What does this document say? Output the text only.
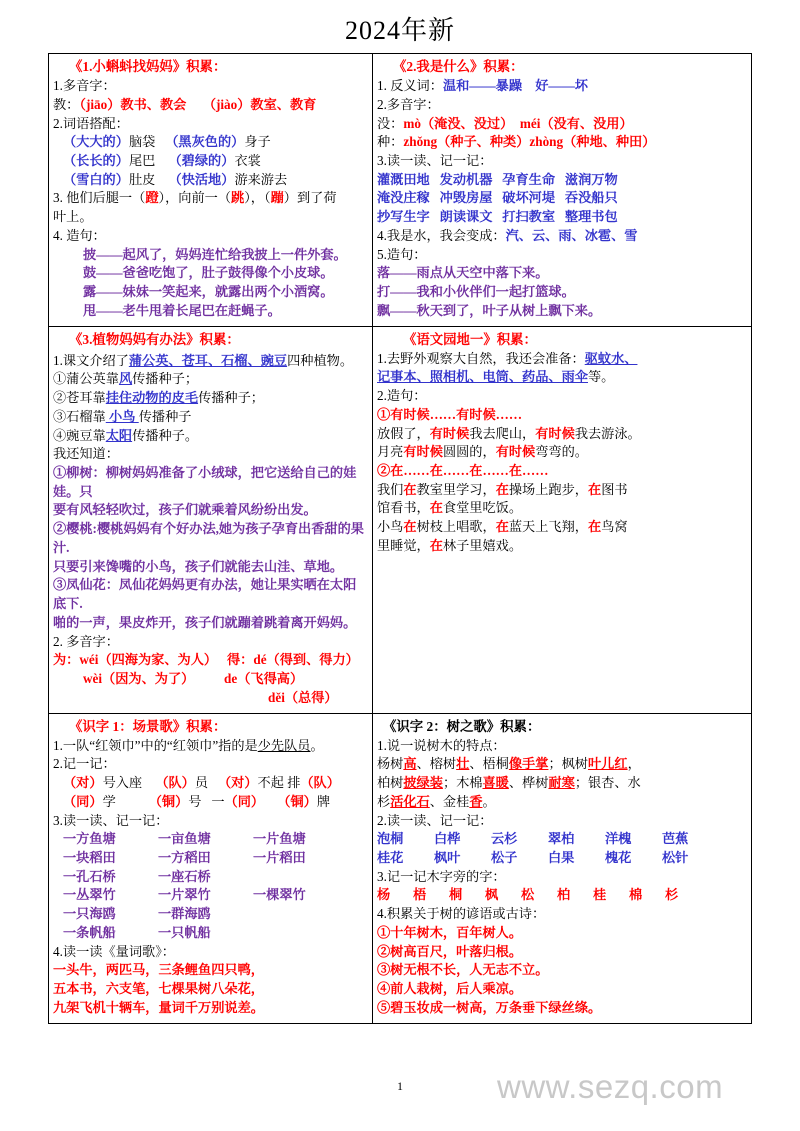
2024年新
《1.小蝌蚪找妈妈》积累：
1.多音字：
教：（jiāo）教书、教会     （jiào）教室、教育
2.词语搭配：
（大大的）脑袋 （黑灰色的）身子
（长长的）尾巴 （碧绿的）衣裳
（雪白的）肚皮 （快活地）游来游去
3. 他们后腿一（蹬），向前一（跳），（蹦）到了荷
叶上。
4. 造句：
披——起风了，妈妈连忙给我披上一件外套。
鼓——爸爸吃饱了，肚子鼓得像个小皮球。
露——妹妹一笑起来，就露出两个小酒窝。
甩——老牛甩着长尾巴在赶蝇子。

《2.我是什么》积累：
1. 反义词：温和——暴躁    好——坏
2.多音字：
没：mò（淹没、没过）  méi（没有、没用）
种：zhǒng（种子、种类）zhòng（种地、种田）
3.读一读、记一记：
灌溉田地   发动机器   孕育生命   滋润万物
淹没庄稼   冲毁房屋   破坏河堤   吞没船只
抄写生字   朗读课文   打扫教室   整理书包
4.我是水，我会变成：汽、云、雨、冰雹、雪
5.造句：
落——雨点从天空中落下来。
打——我和小伙伴们一起打篮球。
飘——秋天到了，叶子从树上飘下来。

《3.植物妈妈有办法》积累：
1.课文介绍了蒲公英、苍耳、石榴、豌豆四种植物。
①蒲公英靠风传播种子；
②苍耳靠挂住动物的皮毛传播种子；
③石榴靠 小鸟 传播种子
④豌豆靠太阳传播种子。
我还知道：
①柳树：柳树妈妈准备了小绒球，把它送给自己的娃娃。只
要有风轻轻吹过，孩子们就乘着风纷纷出发。
②樱桃:樱桃妈妈有个好办法,她为孩子孕育出香甜的果汁.
只要引来馋嘴的小鸟，孩子们就能去山洼、草地。
③凤仙花：凤仙花妈妈更有办法，她让果实晒在太阳底下.
啪的一声，果皮炸开，孩子们就蹦着跳着离开妈妈。
2. 多音字：
为：wéi（四海为家、为人） 得：dé（得到、得力）
wèi（因为、为了） de（飞得高）
děi（总得）

《语文园地一》积累：
1.去野外观察大自然，我还会准备：驱蚊水、
记事本、照相机、电筒、药品、雨伞等。
2.造句：
①有时候……有时候……
放假了，有时候我去爬山，有时候我去游泳。
月亮有时候圆圆的，有时候弯弯的。
②在……在……在……在……
我们在教室里学习，在操场上跑步，在图书
馆看书，在食堂里吃饭。
小鸟在树枝上唱歌，在蓝天上飞翔，在鸟窝
里睡觉，在林子里嬉戏。

《识字 1：场景歌》积累：
1.一队“红领巾”中的“红领巾”指的是少先队员。
2.记一记：
（对）号入座 （队）员 （对）不起 排（队）
（同）学 （铜）号 一（同） （铜）牌
3.读一读、记一记：
一方鱼塘	一亩鱼塘	一片鱼塘
一块稻田	一方稻田	一片稻田
一孔石桥	一座石桥
一丛翠竹	一片翠竹	一棵翠竹
一只海鸥	一群海鸥
一条帆船	一只帆船
4.读一读《量词歌》：
一头牛，两匹马，三条鲤鱼四只鸭，
五本书，六支笔，七棵果树八朵花，
九架飞机十辆车，量词千万别说差。

《识字 2：树之歌》积累：
1.说一说树木的特点：
杨树高、榕树壮、梧桐像手掌；枫树叶儿红，
柏树披绿装；木棉喜暖、桦树耐寒；银杏、水
杉活化石、金桂香。
2.读一读、记一记：
泡桐 白桦 云杉 翠柏 洋槐 芭蕉
桂花 枫叶 松子 白果 槐花 松针
3.记一记木字旁的字：
杨 梧 桐 枫 松 柏 桂 棉 杉
4.积累关于树的谚语或古诗：
①十年树木，百年树人。
②树高百尺，叶落归根。
③树无根不长，人无志不立。
④前人栽树，后人乘凉。
⑤碧玉妆成一树高，万条垂下绿丝绦。
1	www.sezq.com
